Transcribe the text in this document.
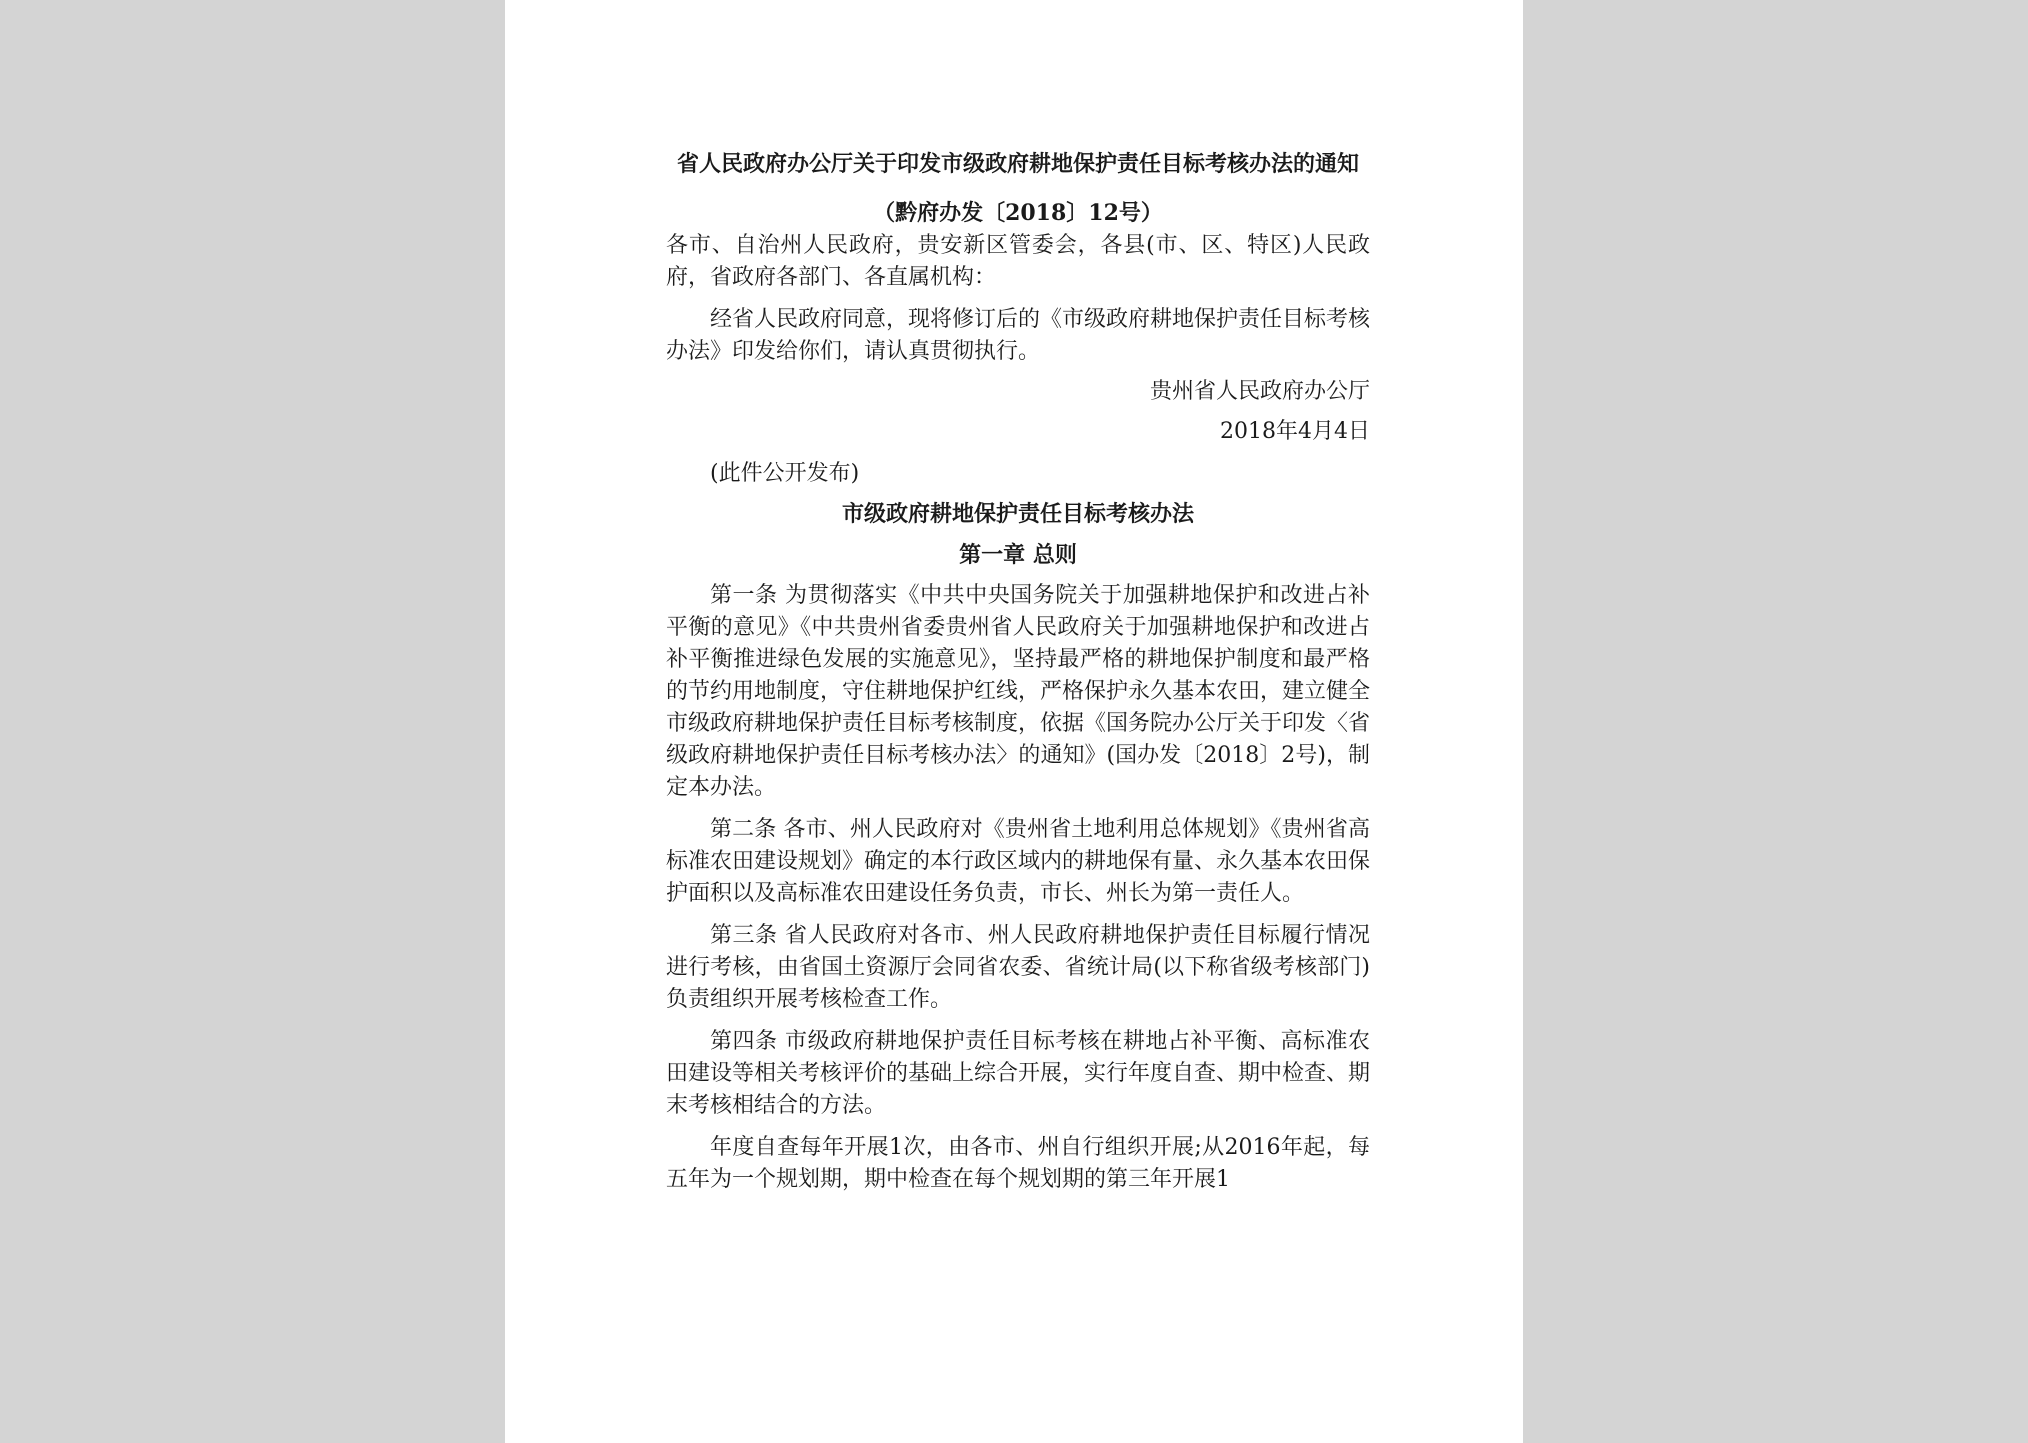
省人民政府办公厅关于印发市级政府耕地保护责任目标考核办法的通知

（黔府办发〔2018〕12号）

各市、自治州人民政府，贵安新区管委会，各县(市、区、特区)人民政府，省政府各部门、各直属机构：

经省人民政府同意，现将修订后的《市级政府耕地保护责任目标考核办法》印发给你们，请认真贯彻执行。

贵州省人民政府办公厅

2018年4月4日

(此件公开发布)

市级政府耕地保护责任目标考核办法
第一章 总则

第一条 为贯彻落实《中共中央国务院关于加强耕地保护和改进占补平衡的意见》《中共贵州省委贵州省人民政府关于加强耕地保护和改进占补平衡推进绿色发展的实施意见》，坚持最严格的耕地保护制度和最严格的节约用地制度，守住耕地保护红线，严格保护永久基本农田，建立健全市级政府耕地保护责任目标考核制度，依据《国务院办公厅关于印发〈省级政府耕地保护责任目标考核办法〉的通知》(国办发〔2018〕2号)，制定本办法。

第二条 各市、州人民政府对《贵州省土地利用总体规划》《贵州省高标准农田建设规划》确定的本行政区域内的耕地保有量、永久基本农田保护面积以及高标准农田建设任务负责，市长、州长为第一责任人。

第三条 省人民政府对各市、州人民政府耕地保护责任目标履行情况进行考核，由省国土资源厅会同省农委、省统计局(以下称省级考核部门)负责组织开展考核检查工作。

第四条 市级政府耕地保护责任目标考核在耕地占补平衡、高标准农田建设等相关考核评价的基础上综合开展，实行年度自查、期中检查、期末考核相结合的方法。

年度自查每年开展1次，由各市、州自行组织开展;从2016年起，每五年为一个规划期，期中检查在每个规划期的第三年开展1
